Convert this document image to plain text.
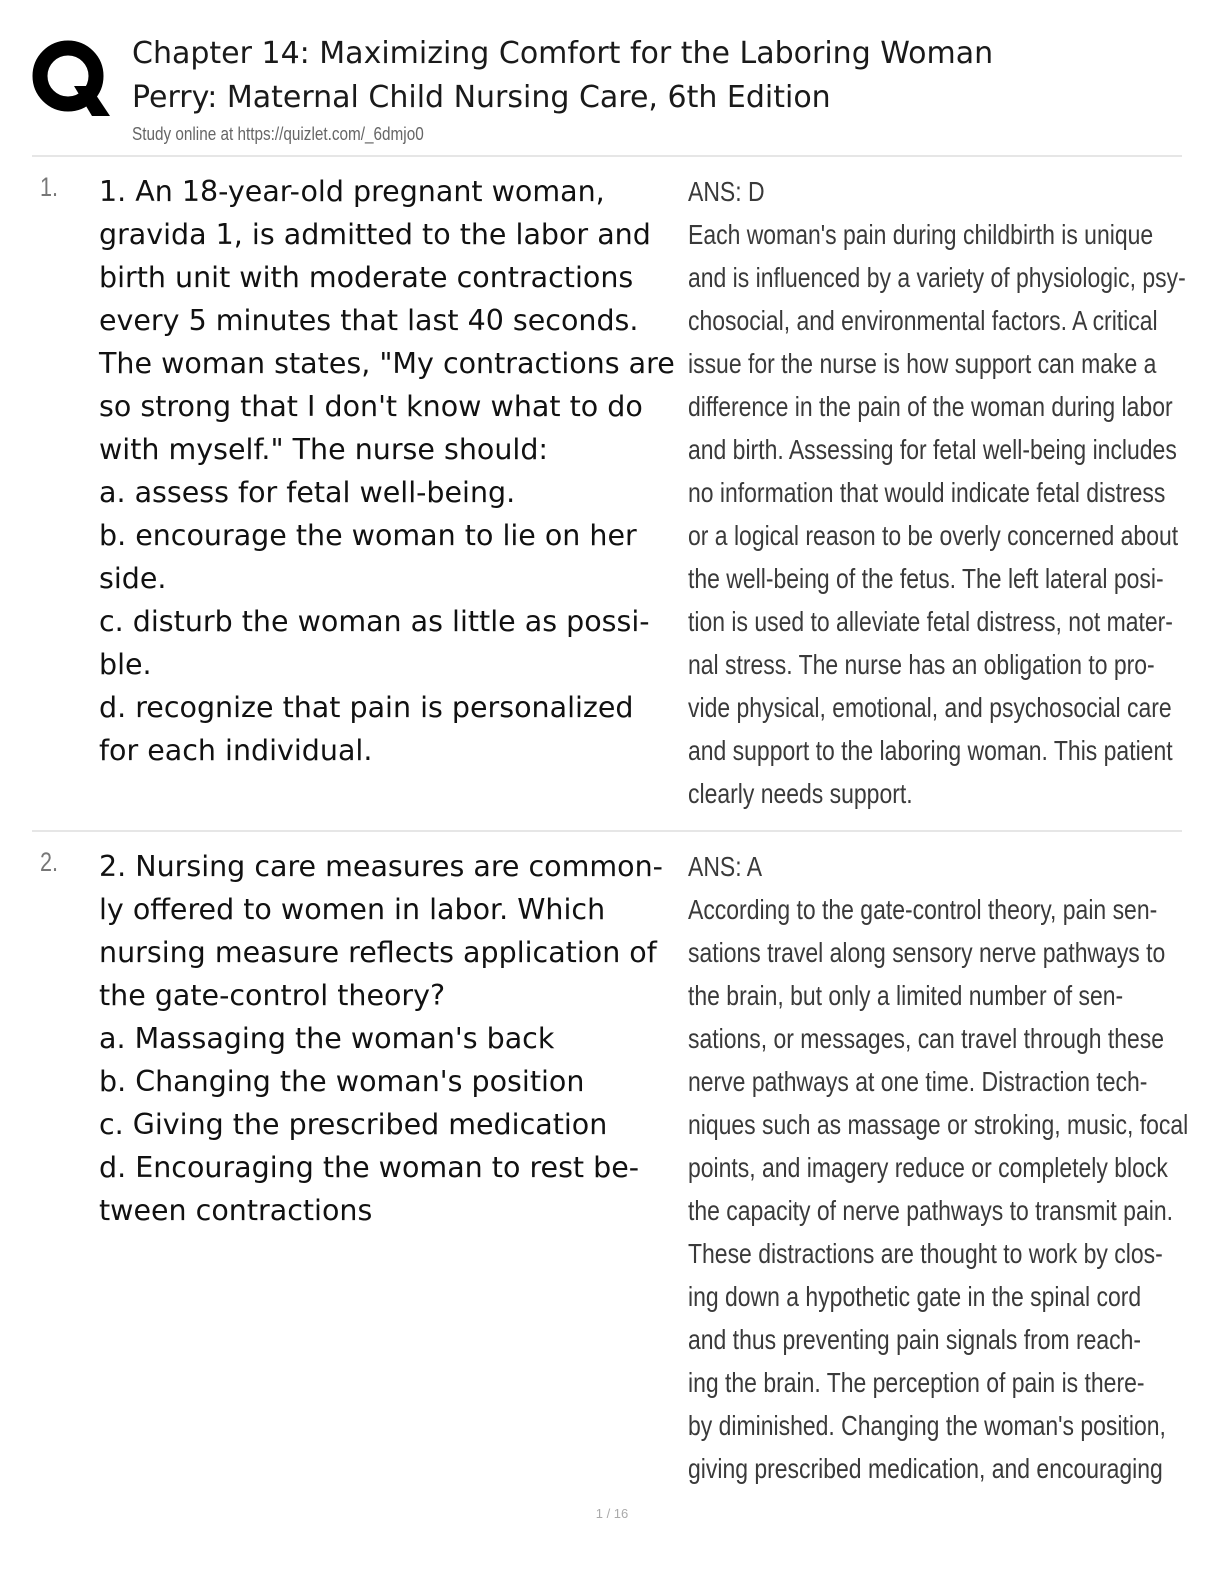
Chapter 14: Maximizing Comfort for the Laboring Woman
Perry: Maternal Child Nursing Care, 6th Edition
Study online at https://quizlet.com/_6dmjo0
1. 1. An 18-year-old pregnant woman,
gravida 1, is admitted to the labor and
birth unit with moderate contractions
every 5 minutes that last 40 seconds.
The woman states, "My contractions are
so strong that I don't know what to do
with myself." The nurse should:
a. assess for fetal well-being.
b. encourage the woman to lie on her
side.
c. disturb the woman as little as possi-
ble.
d. recognize that pain is personalized
for each individual.
ANS: D
Each woman's pain during childbirth is unique
and is influenced by a variety of physiologic, psy-
chosocial, and environmental factors. A critical
issue for the nurse is how support can make a
difference in the pain of the woman during labor
and birth. Assessing for fetal well-being includes
no information that would indicate fetal distress
or a logical reason to be overly concerned about
the well-being of the fetus. The left lateral posi-
tion is used to alleviate fetal distress, not mater-
nal stress. The nurse has an obligation to pro-
vide physical, emotional, and psychosocial care
and support to the laboring woman. This patient
clearly needs support.
2. 2. Nursing care measures are common-
ly offered to women in labor. Which
nursing measure reflects application of
the gate-control theory?
a. Massaging the woman's back
b. Changing the woman's position
c. Giving the prescribed medication
d. Encouraging the woman to rest be-
tween contractions
ANS: A
According to the gate-control theory, pain sen-
sations travel along sensory nerve pathways to
the brain, but only a limited number of sen-
sations, or messages, can travel through these
nerve pathways at one time. Distraction tech-
niques such as massage or stroking, music, focal
points, and imagery reduce or completely block
the capacity of nerve pathways to transmit pain.
These distractions are thought to work by clos-
ing down a hypothetic gate in the spinal cord
and thus preventing pain signals from reach-
ing the brain. The perception of pain is there-
by diminished. Changing the woman's position,
giving prescribed medication, and encouraging
1 / 16
